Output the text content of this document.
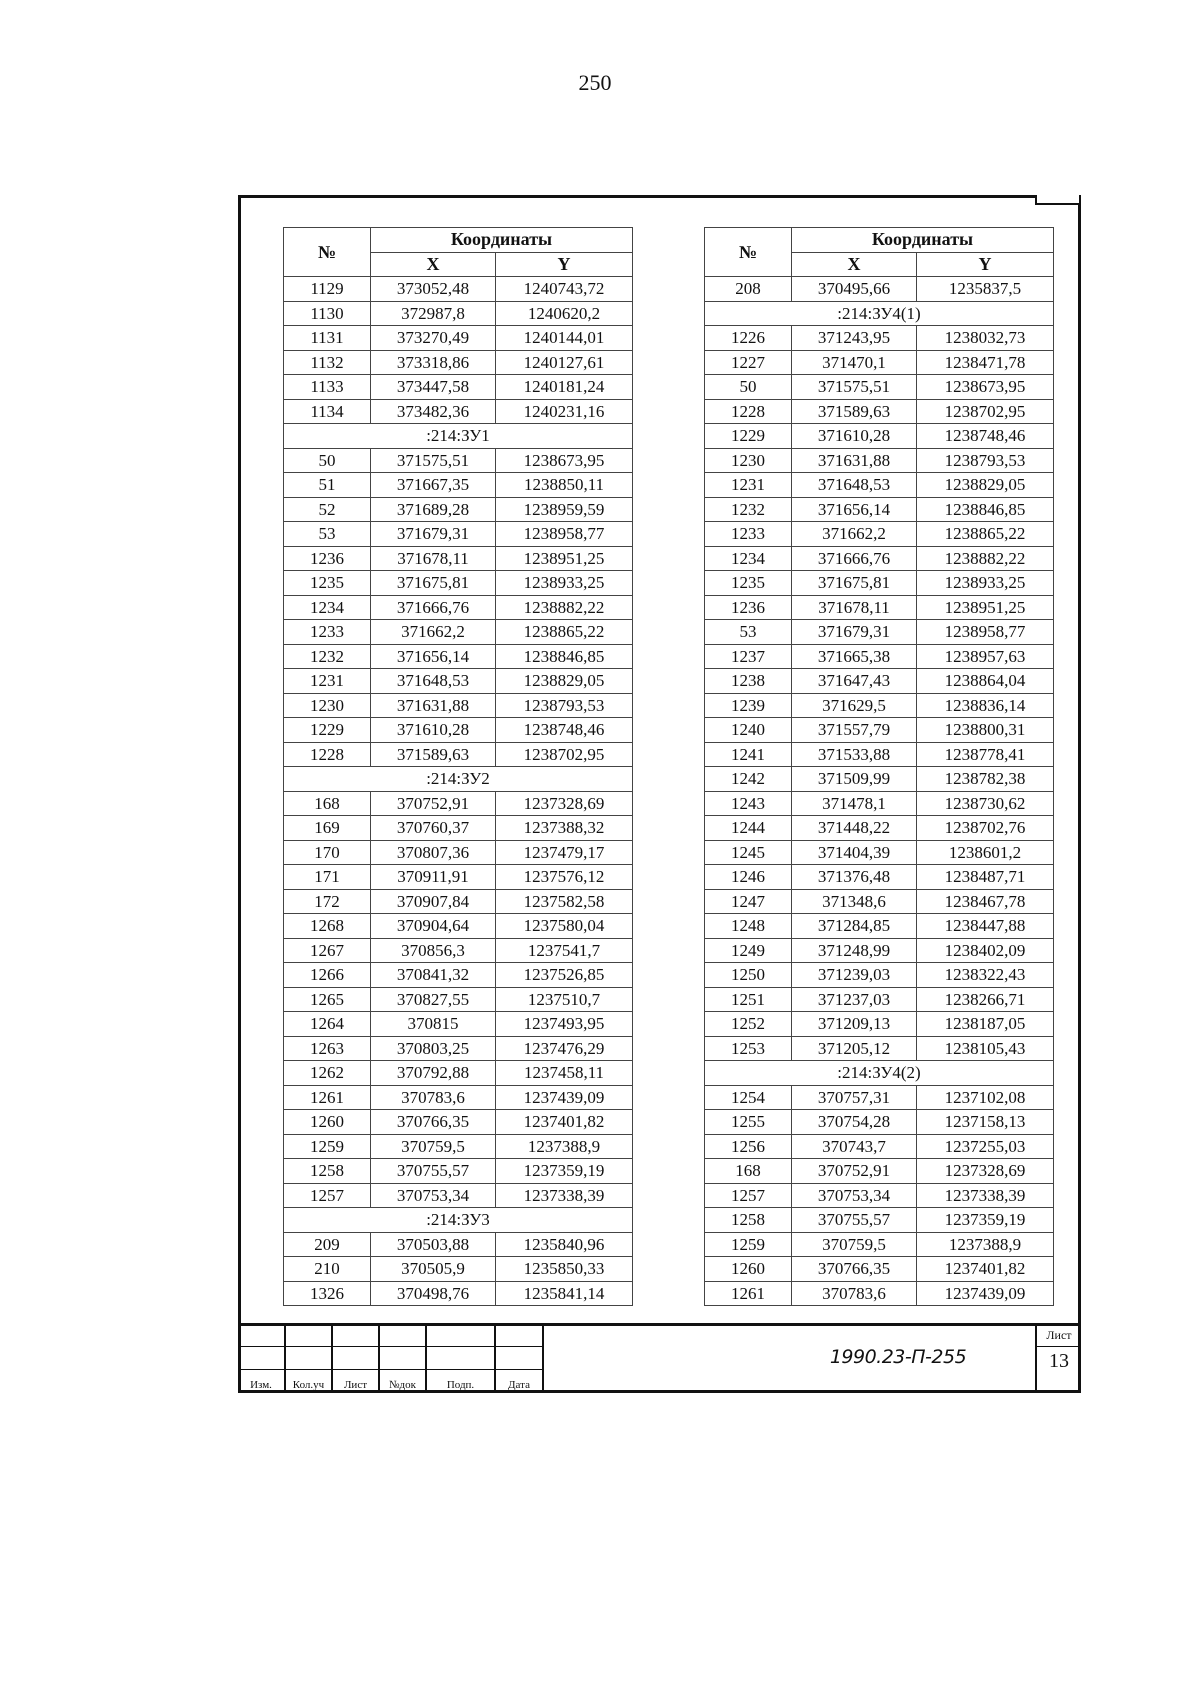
250
№	Координаты	
	X	Y
1129	373052,48	1240743,72
1130	372987,8	1240620,2
1131	373270,49	1240144,01
1132	373318,86	1240127,61
1133	373447,58	1240181,24
1134	373482,36	1240231,16
:214:ЗУ1		
50	371575,51	1238673,95
51	371667,35	1238850,11
52	371689,28	1238959,59
53	371679,31	1238958,77
1236	371678,11	1238951,25
1235	371675,81	1238933,25
1234	371666,76	1238882,22
1233	371662,2	1238865,22
1232	371656,14	1238846,85
1231	371648,53	1238829,05
1230	371631,88	1238793,53
1229	371610,28	1238748,46
1228	371589,63	1238702,95
:214:ЗУ2		
168	370752,91	1237328,69
169	370760,37	1237388,32
170	370807,36	1237479,17
171	370911,91	1237576,12
172	370907,84	1237582,58
1268	370904,64	1237580,04
1267	370856,3	1237541,7
1266	370841,32	1237526,85
1265	370827,55	1237510,7
1264	370815	1237493,95
1263	370803,25	1237476,29
1262	370792,88	1237458,11
1261	370783,6	1237439,09
1260	370766,35	1237401,82
1259	370759,5	1237388,9
1258	370755,57	1237359,19
1257	370753,34	1237338,39
:214:ЗУ3		
209	370503,88	1235840,96
210	370505,9	1235850,33
1326	370498,76	1235841,14
№	Координаты	
	X	Y
208	370495,66	1235837,5
:214:ЗУ4(1)		
1226	371243,95	1238032,73
1227	371470,1	1238471,78
50	371575,51	1238673,95
1228	371589,63	1238702,95
1229	371610,28	1238748,46
1230	371631,88	1238793,53
1231	371648,53	1238829,05
1232	371656,14	1238846,85
1233	371662,2	1238865,22
1234	371666,76	1238882,22
1235	371675,81	1238933,25
1236	371678,11	1238951,25
53	371679,31	1238958,77
1237	371665,38	1238957,63
1238	371647,43	1238864,04
1239	371629,5	1238836,14
1240	371557,79	1238800,31
1241	371533,88	1238778,41
1242	371509,99	1238782,38
1243	371478,1	1238730,62
1244	371448,22	1238702,76
1245	371404,39	1238601,2
1246	371376,48	1238487,71
1247	371348,6	1238467,78
1248	371284,85	1238447,88
1249	371248,99	1238402,09
1250	371239,03	1238322,43
1251	371237,03	1238266,71
1252	371209,13	1238187,05
1253	371205,12	1238105,43
:214:ЗУ4(2)		
1254	370757,31	1237102,08
1255	370754,28	1237158,13
1256	370743,7	1237255,03
168	370752,91	1237328,69
1257	370753,34	1237338,39
1258	370755,57	1237359,19
1259	370759,5	1237388,9
1260	370766,35	1237401,82
1261	370783,6	1237439,09
Изм.	Кол.уч	Лист	№док	Подп.	Дата
1990.23-П-255
Лист
13
